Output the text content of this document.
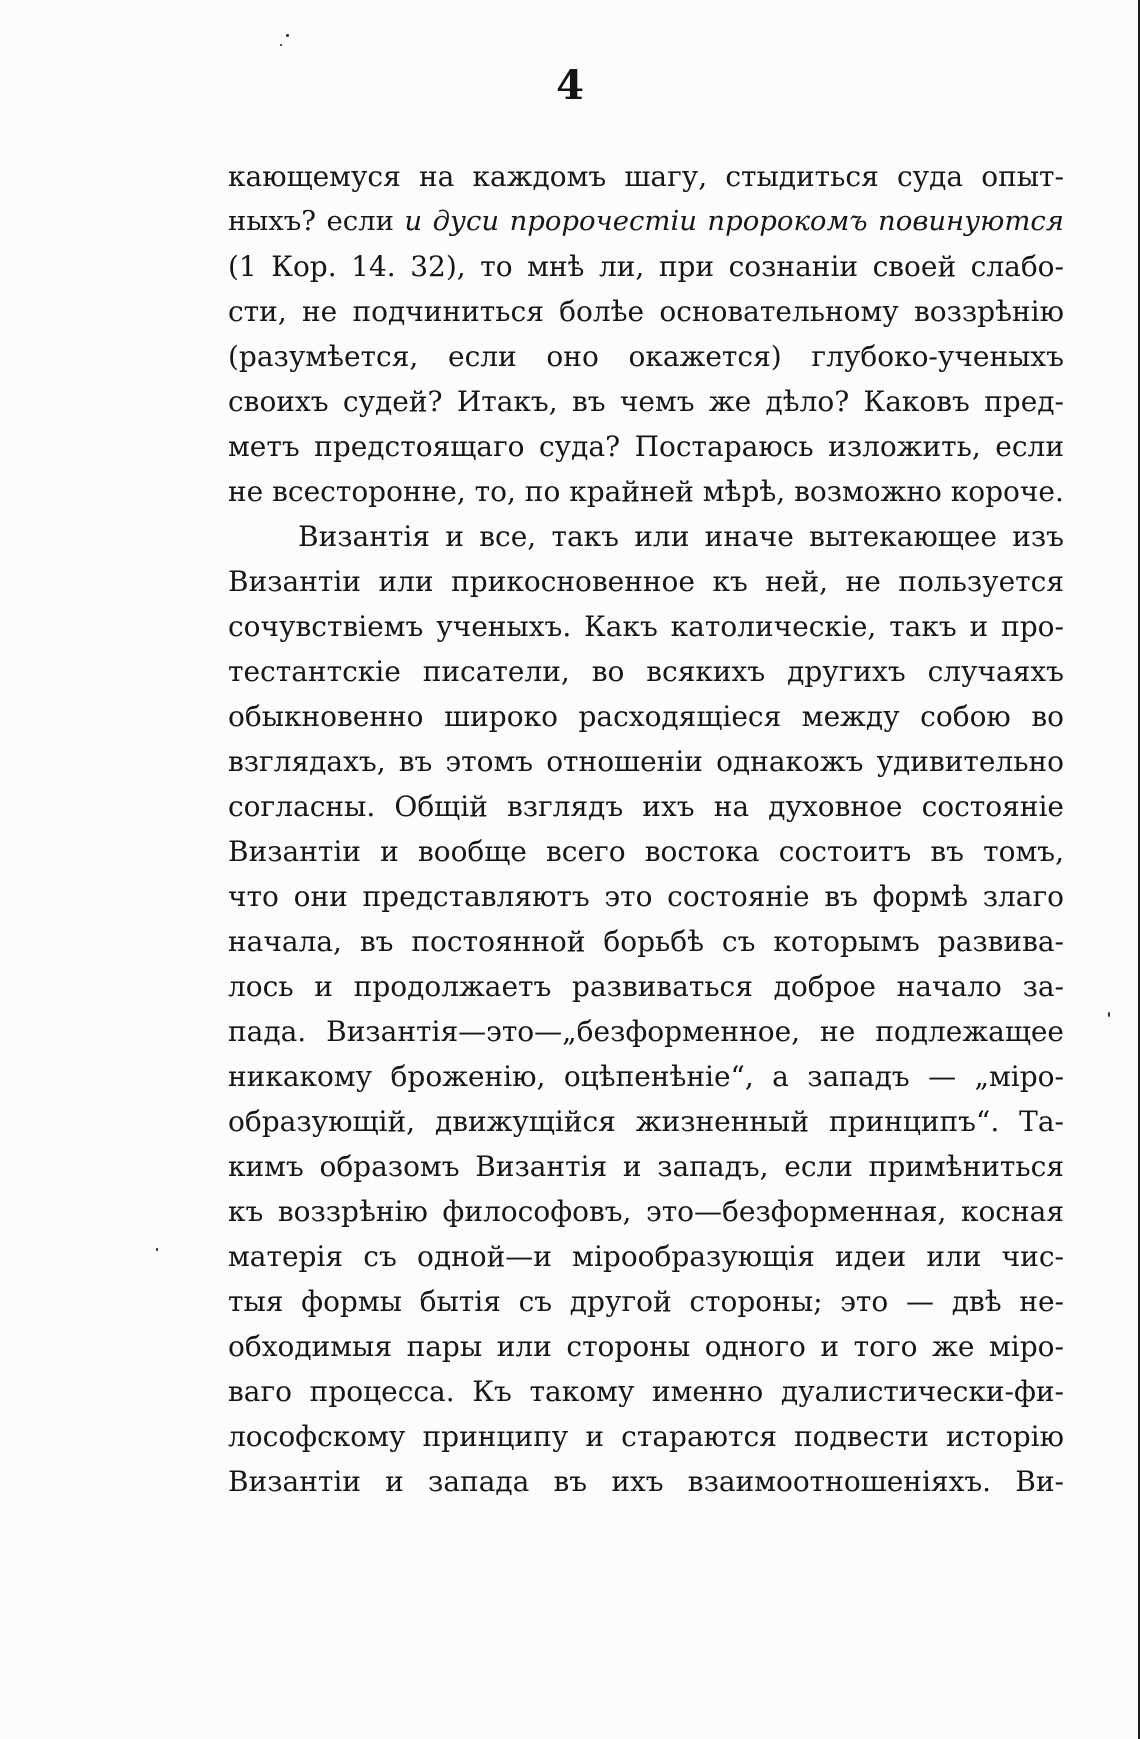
4
кающемуся на каждомъ шагу, стыдиться суда опыт-
ныхъ? если и дуси пророчестіи пророкомъ повинуются
(1 Кор. 14. 32), то мнѣ ли, при сознаніи своей слабо-
сти, не подчиниться болѣе основательному воззрѣнію
(разумѣется, если оно окажется) глубоко-ученыхъ
своихъ судей? Итакъ, въ чемъ же дѣло? Каковъ пред-
метъ предстоящаго суда? Постараюсь изложить, если
не всесторонне, то, по крайней мѣрѣ, возможно короче.
Византія и все, такъ или иначе вытекающее изъ
Византіи или прикосновенное къ ней, не пользуется
сочувствіемъ ученыхъ. Какъ католическіе, такъ и про-
тестантскіе писатели, во всякихъ другихъ случаяхъ
обыкновенно широко расходящіеся между собою во
взглядахъ, въ этомъ отношеніи однакожъ удивительно
согласны. Общій взглядъ ихъ на духовное состояніе
Византіи и вообще всего востока состоитъ въ томъ,
что они представляютъ это состояніе въ формѣ злаго
начала, въ постоянной борьбѣ съ которымъ развива-
лось и продолжаетъ развиваться доброе начало за-
пада. Византія—это—„безформенное, не подлежащее
никакому броженію, оцѣпенѣніе“, а западъ — „міро-
образующій, движущійся жизненный принципъ“. Та-
кимъ образомъ Византія и западъ, если примѣниться
къ воззрѣнію философовъ, это—безформенная, косная
матерія съ одной—и мірообразующія идеи или чис-
тыя формы бытія съ другой стороны; это — двѣ не-
обходимыя пары или стороны одного и того же міро-
ваго процесса. Къ такому именно дуалистически-фи-
лософскому принципу и стараются подвести исторію
Византіи и запада въ ихъ взаимоотношеніяхъ. Ви-
